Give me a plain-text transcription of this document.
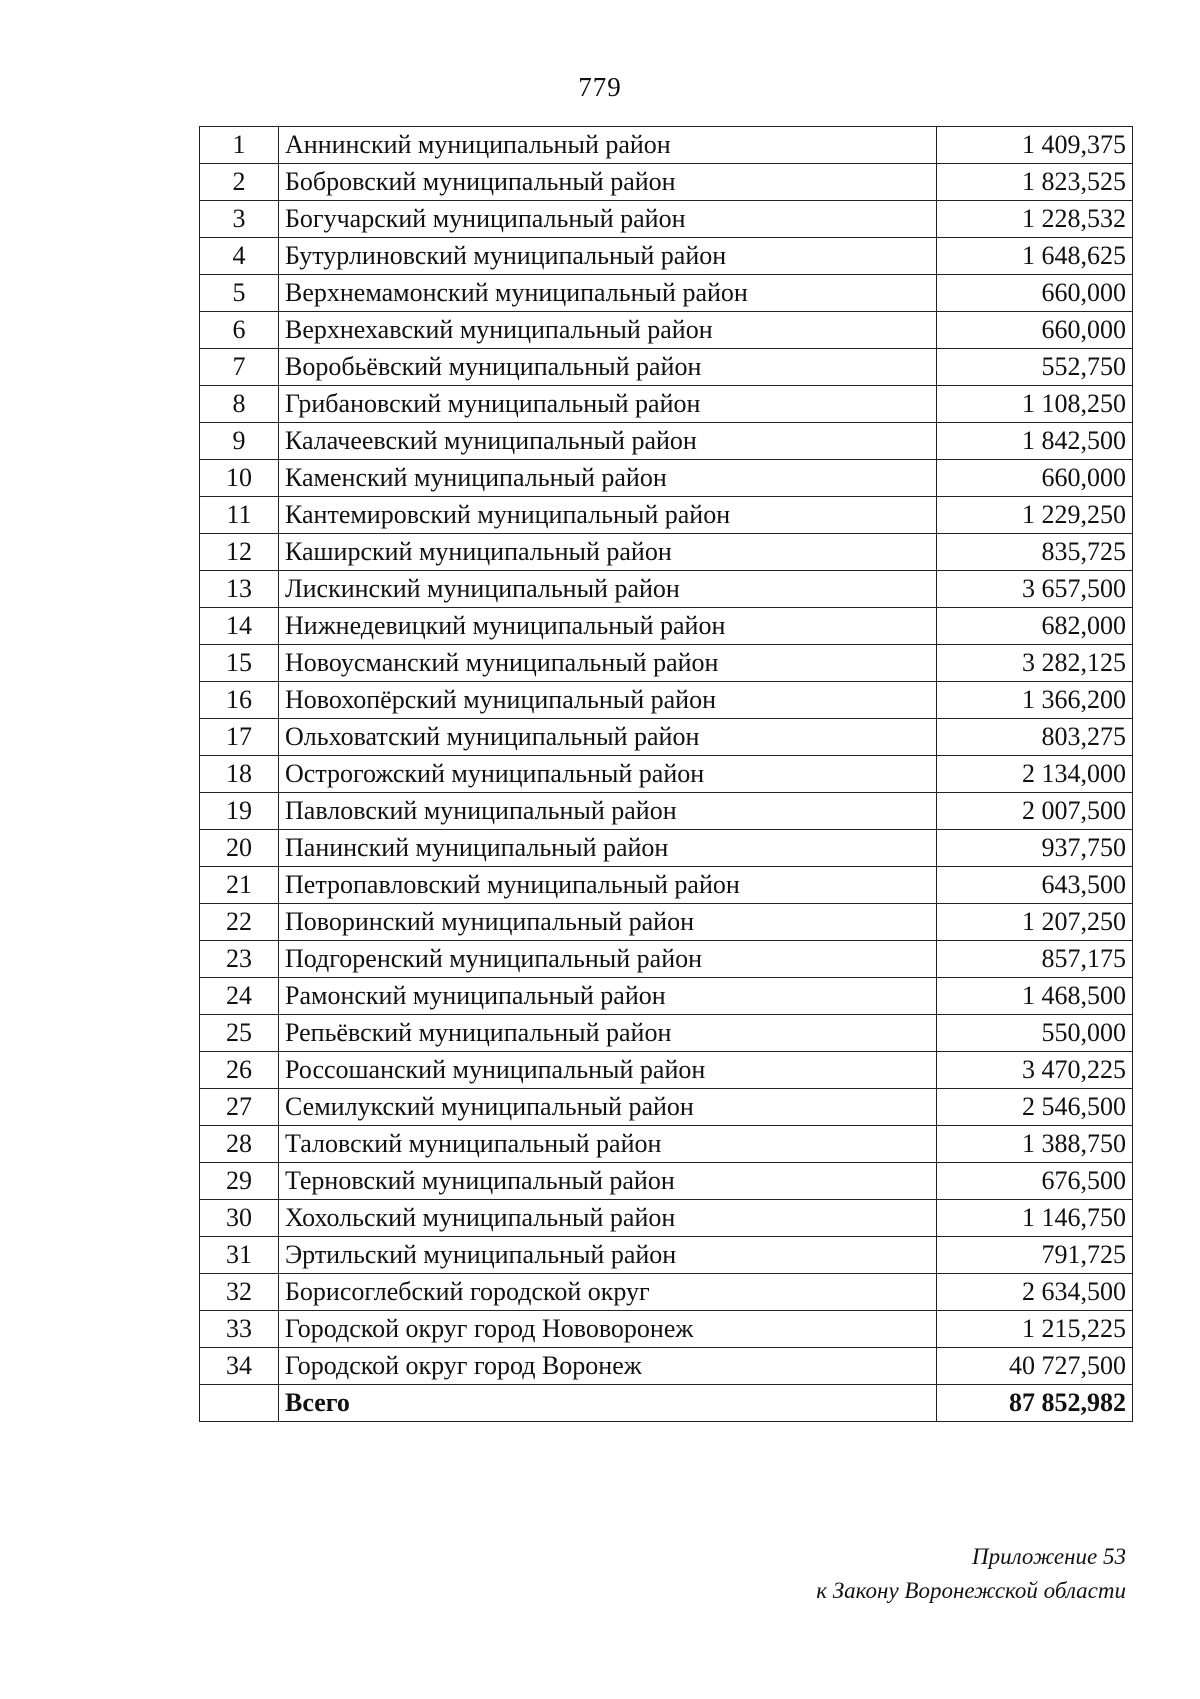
779
1	Аннинский муниципальный район	1 409,375
2	Бобровский муниципальный район	1 823,525
3	Богучарский муниципальный район	1 228,532
4	Бутурлиновский муниципальный район	1 648,625
5	Верхнемамонский муниципальный район	660,000
6	Верхнехавский муниципальный район	660,000
7	Воробьёвский муниципальный район	552,750
8	Грибановский муниципальный район	1 108,250
9	Калачеевский муниципальный район	1 842,500
10	Каменский муниципальный район	660,000
11	Кантемировский муниципальный район	1 229,250
12	Каширский муниципальный район	835,725
13	Лискинский муниципальный район	3 657,500
14	Нижнедевицкий муниципальный район	682,000
15	Новоусманский муниципальный район	3 282,125
16	Новохопёрский муниципальный район	1 366,200
17	Ольховатский муниципальный район	803,275
18	Острогожский муниципальный район	2 134,000
19	Павловский муниципальный район	2 007,500
20	Панинский муниципальный район	937,750
21	Петропавловский муниципальный район	643,500
22	Поворинский муниципальный район	1 207,250
23	Подгоренский муниципальный район	857,175
24	Рамонский муниципальный район	1 468,500
25	Репьёвский муниципальный район	550,000
26	Россошанский муниципальный район	3 470,225
27	Семилукский муниципальный район	2 546,500
28	Таловский муниципальный район	1 388,750
29	Терновский муниципальный район	676,500
30	Хохольский муниципальный район	1 146,750
31	Эртильский муниципальный район	791,725
32	Борисоглебский городской округ	2 634,500
33	Городской округ город Нововоронеж	1 215,225
34	Городской округ город Воронеж	40 727,500
	Всего	87 852,982
Приложение 53
к Закону Воронежской области
